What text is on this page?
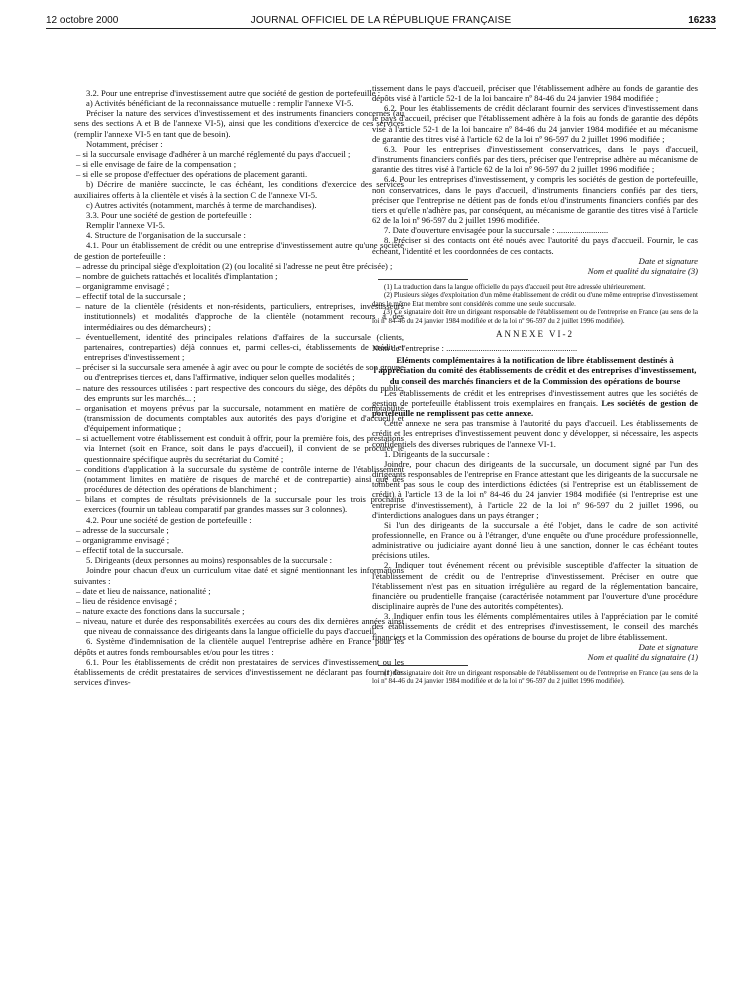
12 octobre 2000	JOURNAL OFFICIEL DE LA RÉPUBLIQUE FRANÇAISE	16233

3.2. Pour une entreprise d'investissement autre que société de gestion de portefeuille :

a) Activités bénéficiant de la reconnaissance mutuelle : remplir l'annexe VI-5.

Préciser la nature des services d'investissement et des instruments financiers concernés (au sens des sections A et B de l'annexe VI-5), ainsi que les conditions d'exercice de ces services (remplir l'annexe VI-5 en tant que de besoin).

Notamment, préciser :

– si la succursale envisage d'adhérer à un marché réglementé du pays d'accueil ;

– si elle envisage de faire de la compensation ;

– si elle se propose d'effectuer des opérations de placement garanti.

b) Décrire de manière succincte, le cas échéant, les conditions d'exercice des services auxiliaires offerts à la clientèle et visés à la section C de l'annexe VI-5.

c) Autres activités (notamment, marchés à terme de marchandises).

3.3. Pour une société de gestion de portefeuille :

Remplir l'annexe VI-5.

4. Structure de l'organisation de la succursale :

4.1. Pour un établissement de crédit ou une entreprise d'investissement autre qu'une société de gestion de portefeuille :

– adresse du principal siège d'exploitation (2) (ou localité si l'adresse ne peut être précisée) ;

– nombre de guichets rattachés et localités d'implantation ;

– organigramme envisagé ;

– effectif total de la succursale ;

– nature de la clientèle (résidents et non-résidents, particuliers, entreprises, investisseurs institutionnels) et modalités d'approche de la clientèle (notamment recours à des intermédiaires ou des démarcheurs) ;

– éventuellement, identité des principales relations d'affaires de la succursale (clients, partenaires, contreparties) déjà connues et, parmi celles-ci, établissements de crédit et entreprises d'investissement ;

– préciser si la succursale sera amenée à agir avec ou pour le compte de sociétés de son groupe ou d'entreprises tierces et, dans l'affirmative, indiquer selon quelles modalités ;

– nature des ressources utilisées : part respective des concours du siège, des dépôts du public, des emprunts sur les marchés... ;

– organisation et moyens prévus par la succursale, notamment en matière de comptabilité (transmission de documents comptables aux autorités des pays d'origine et d'accueil) et d'équipement informatique ;

– si actuellement votre établissement est conduit à offrir, pour la première fois, des prestations via Internet (soit en France, soit dans le pays d'accueil), il convient de se procurer le questionnaire spécifique auprès du secrétariat du Comité ;

– conditions d'application à la succursale du système de contrôle interne de l'établissement (notamment limites en matière de risques de marché et de contrepartie) ainsi que des procédures de détection des opérations de blanchiment ;

– bilans et comptes de résultats prévisionnels de la succursale pour les trois prochains exercices (fournir un tableau comparatif par grandes masses sur 3 colonnes).

4.2. Pour une société de gestion de portefeuille :

– adresse de la succursale ;

– organigramme envisagé ;

– effectif total de la succursale.

5. Dirigeants (deux personnes au moins) responsables de la succursale :

Joindre pour chacun d'eux un curriculum vitae daté et signé mentionnant les informations suivantes :

– date et lieu de naissance, nationalité ;

– lieu de résidence envisagé ;

– nature exacte des fonctions dans la succursale ;

– niveau, nature et durée des responsabilités exercées au cours des dix dernières années ainsi que niveau de connaissance des dirigeants dans la langue officielle du pays d'accueil.

6. Système d'indemnisation de la clientèle auquel l'entreprise adhère en France pour les dépôts et autres fonds remboursables et/ou pour les titres :

6.1. Pour les établissements de crédit non prestataires de services d'investissement ou les établissements de crédit prestataires de services d'investissement ne déclarant pas fournir des services d'inves-

tissement dans le pays d'accueil, préciser que l'établissement adhère au fonds de garantie des dépôts visé à l'article 52-1 de la loi bancaire nº 84-46 du 24 janvier 1984 modifiée ;

6.2. Pour les établissements de crédit déclarant fournir des services d'investissement dans le pays d'accueil, préciser que l'établissement adhère à la fois au fonds de garantie des dépôts visé à l'article 52-1 de la loi bancaire nº 84-46 du 24 janvier 1984 modifiée et au mécanisme de garantie des titres visé à l'article 62 de la loi nº 96-597 du 2 juillet 1996 modifiée ;

6.3. Pour les entreprises d'investissement conservatrices, dans le pays d'accueil, d'instruments financiers confiés par des tiers, préciser que l'entreprise adhère au mécanisme de garantie des titres visé à l'article 62 de la loi nº 96-597 du 2 juillet 1996 modifiée ;

6.4. Pour les entreprises d'investissement, y compris les sociétés de gestion de portefeuille, non conservatrices, dans le pays d'accueil, d'instruments financiers confiés par des tiers, préciser que l'entreprise ne détient pas de fonds et/ou d'instruments financiers confiés par des tiers et qu'elle n'adhère pas, par conséquent, au mécanisme de garantie des titres visé à l'article 62 de la loi nº 96-597 du 2 juillet 1996 modifiée.

7. Date d'ouverture envisagée pour la succursale : ........................

8. Préciser si des contacts ont été noués avec l'autorité du pays d'accueil. Fournir, le cas échéant, l'identité et les coordonnées de ces contacts.

Date et signature

Nom et qualité du signataire (3)

(1) La traduction dans la langue officielle du pays d'accueil peut être adressée ultérieurement.

(2) Plusieurs sièges d'exploitation d'un même établissement de crédit ou d'une même entreprise d'investissement dans le même Etat membre sont considérés comme une seule succursale.

(3) Ce signataire doit être un dirigeant responsable de l'établissement ou de l'entreprise en France (au sens de la loi nº 84-46 du 24 janvier 1984 modifiée et de la loi nº 96-597 du 2 juillet 1996 modifiée).

ANNEXE VI-2

Nom de l'entreprise : .............................................................

Eléments complémentaires à la notification de libre établissement destinés à l'appréciation du comité des établissements de crédit et des entreprises d'investissement, du conseil des marchés financiers et de la Commission des opérations de bourse

Les établissements de crédit et les entreprises d'investissement autres que les sociétés de gestion de portefeuille établissent trois exemplaires en français. Les sociétés de gestion de portefeuille ne remplissent pas cette annexe.

Cette annexe ne sera pas transmise à l'autorité du pays d'accueil. Les établissements de crédit et les entreprises d'investissement peuvent donc y développer, si nécessaire, les aspects confidentiels des diverses rubriques de l'annexe VI-1.

1. Dirigeants de la succursale :

Joindre, pour chacun des dirigeants de la succursale, un document signé par l'un des dirigeants responsables de l'entreprise en France attestant que les dirigeants de la succursale ne tombent pas sous le coup des interdictions édictées (si l'entreprise est un établissement de crédit) à l'article 13 de la loi nº 84-46 du 24 janvier 1984 modifiée (si l'entreprise est une entreprise d'investissement), à l'article 22 de la loi nº 96-597 du 2 juillet 1996, ou d'interdictions analogues dans un pays étranger ;

Si l'un des dirigeants de la succursale a été l'objet, dans le cadre de son activité professionnelle, en France ou à l'étranger, d'une enquête ou d'une procédure professionnelle, administrative ou judiciaire ayant donné lieu à une sanction, donner le cas échéant toutes précisions utiles.

2. Indiquer tout événement récent ou prévisible susceptible d'affecter la situation de l'établissement de crédit ou de l'entreprise d'investissement. Préciser en outre que l'établissement n'est pas en situation irrégulière au regard de la réglementation bancaire, financière ou prudentielle française (caractérisée notamment par l'ouverture d'une procédure disciplinaire auprès de l'une des autorités compétentes).

3. Indiquer enfin tous les éléments complémentaires utiles à l'appréciation par le comité des établissements de crédit et des entreprises d'investissement, le conseil des marchés financiers et la Commission des opérations de bourse du projet de libre établissement.

Date et signature

Nom et qualité du signataire (1)

(1) Ce signataire doit être un dirigeant responsable de l'établissement ou de l'entreprise en France (au sens de la loi nº 84-46 du 24 janvier 1984 modifiée et de la loi nº 96-597 du 2 juillet 1996 modifiée).
